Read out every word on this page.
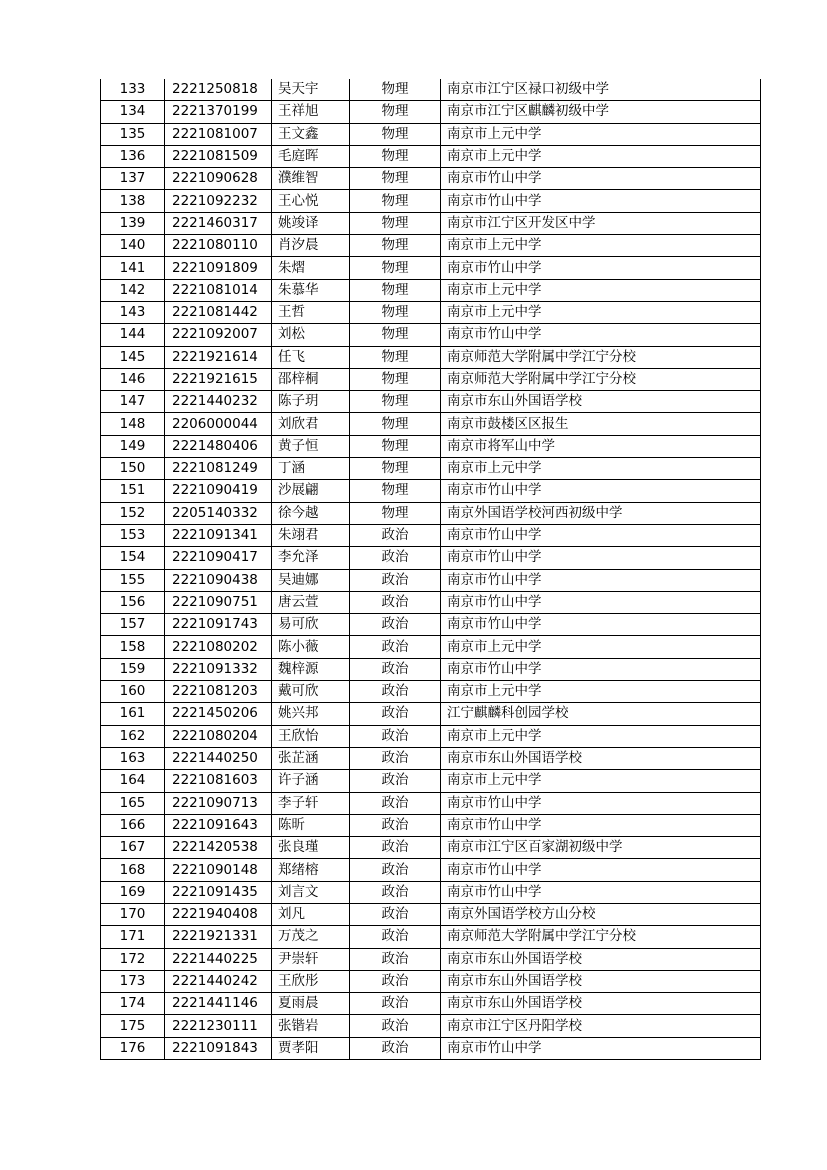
133	2221250818	吴天宇	物理	南京市江宁区禄口初级中学
134	2221370199	王祥旭	物理	南京市江宁区麒麟初级中学
135	2221081007	王文鑫	物理	南京市上元中学
136	2221081509	毛庭晖	物理	南京市上元中学
137	2221090628	濮维智	物理	南京市竹山中学
138	2221092232	王心悦	物理	南京市竹山中学
139	2221460317	姚竣译	物理	南京市江宁区开发区中学
140	2221080110	肖汐晨	物理	南京市上元中学
141	2221091809	朱熠	物理	南京市竹山中学
142	2221081014	朱慕华	物理	南京市上元中学
143	2221081442	王哲	物理	南京市上元中学
144	2221092007	刘松	物理	南京市竹山中学
145	2221921614	任飞	物理	南京师范大学附属中学江宁分校
146	2221921615	邵梓桐	物理	南京师范大学附属中学江宁分校
147	2221440232	陈子玥	物理	南京市东山外国语学校
148	2206000044	刘欣君	物理	南京市鼓楼区区报生
149	2221480406	黄子恒	物理	南京市将军山中学
150	2221081249	丁涵	物理	南京市上元中学
151	2221090419	沙展翩	物理	南京市竹山中学
152	2205140332	徐今越	物理	南京外国语学校河西初级中学
153	2221091341	朱翊君	政治	南京市竹山中学
154	2221090417	李允泽	政治	南京市竹山中学
155	2221090438	吴迪娜	政治	南京市竹山中学
156	2221090751	唐云萱	政治	南京市竹山中学
157	2221091743	易可欣	政治	南京市竹山中学
158	2221080202	陈小薇	政治	南京市上元中学
159	2221091332	魏梓源	政治	南京市竹山中学
160	2221081203	戴可欣	政治	南京市上元中学
161	2221450206	姚兴邦	政治	江宁麒麟科创园学校
162	2221080204	王欣怡	政治	南京市上元中学
163	2221440250	张芷涵	政治	南京市东山外国语学校
164	2221081603	许子涵	政治	南京市上元中学
165	2221090713	李子轩	政治	南京市竹山中学
166	2221091643	陈昕	政治	南京市竹山中学
167	2221420538	张良瑾	政治	南京市江宁区百家湖初级中学
168	2221090148	郑绪榕	政治	南京市竹山中学
169	2221091435	刘言文	政治	南京市竹山中学
170	2221940408	刘凡	政治	南京外国语学校方山分校
171	2221921331	万茂之	政治	南京师范大学附属中学江宁分校
172	2221440225	尹崇轩	政治	南京市东山外国语学校
173	2221440242	王欣彤	政治	南京市东山外国语学校
174	2221441146	夏雨晨	政治	南京市东山外国语学校
175	2221230111	张锴岩	政治	南京市江宁区丹阳学校
176	2221091843	贾孝阳	政治	南京市竹山中学
